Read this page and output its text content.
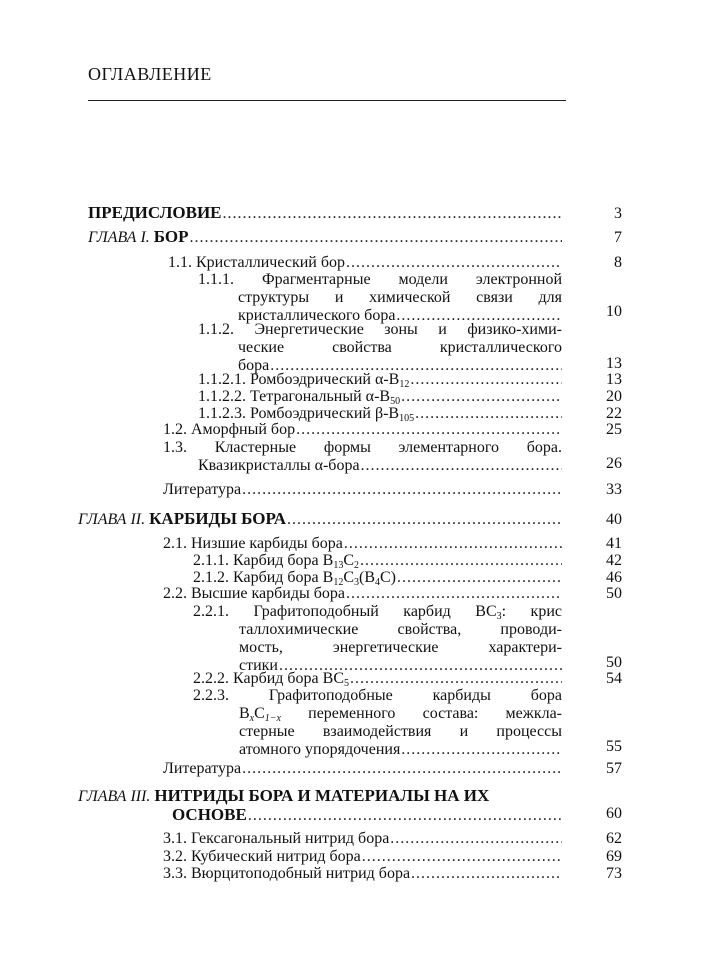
ОГЛАВЛЕНИЕ
ПРЕДИСЛОВИЕ .....	3
ГЛАВА I. БОР .....	7
1.1. Кристаллический бор .....	8
1.1.1. Фрагментарные модели электронной
структуры и химической связи для
кристаллического бора .....	10
1.1.2. Энергетические зоны и физико-хими-
ческие свойства кристаллического
бора .....	13
1.1.2.1. Ромбоэдрический $\alpha-B_{12}$ .....	13
1.1.2.2. Тетрагональный $\alpha-B_{50}$ .....	20
1.1.2.3. Ромбоэдрический $\beta-B_{105}$ .....	22
1.2. Аморфный бор .....	25
1.3. Кластерные формы элементарного бора.
Квазикристаллы α-бора .....	26
Литература .....	33
ГЛАВА II. КАРБИДЫ БОРА .....	40
2.1. Низшие карбиды бора .....	41
2.1.1. Карбид бора $B_{13}C_2$ .....	42
2.1.2. Карбид бора $B_{12}C_3(B_4C)$ .....	46
2.2. Высшие карбиды бора .....	50
2.2.1. Графитоподобный карбид $BC_3$: крис
таллохимические свойства, проводи-
мость, энергетические характери-
стики .....	50
2.2.2. Карбид бора $BC_5$ .....	54
2.2.3. Графитоподобные карбиды бора
$B_xC_{1-x}$ переменного состава: межкла-
стерные взаимодействия и процессы
атомного упорядочения .....	55
Литература .....	57
ГЛАВА III. НИТРИДЫ БОРА И МАТЕРИАЛЫ НА ИХ
ОСНОВЕ .....	60
3.1. Гексагональный нитрид бора .....	62
3.2. Кубический нитрид бора .....	69
3.3. Вюрцитоподобный нитрид бора .....	73
